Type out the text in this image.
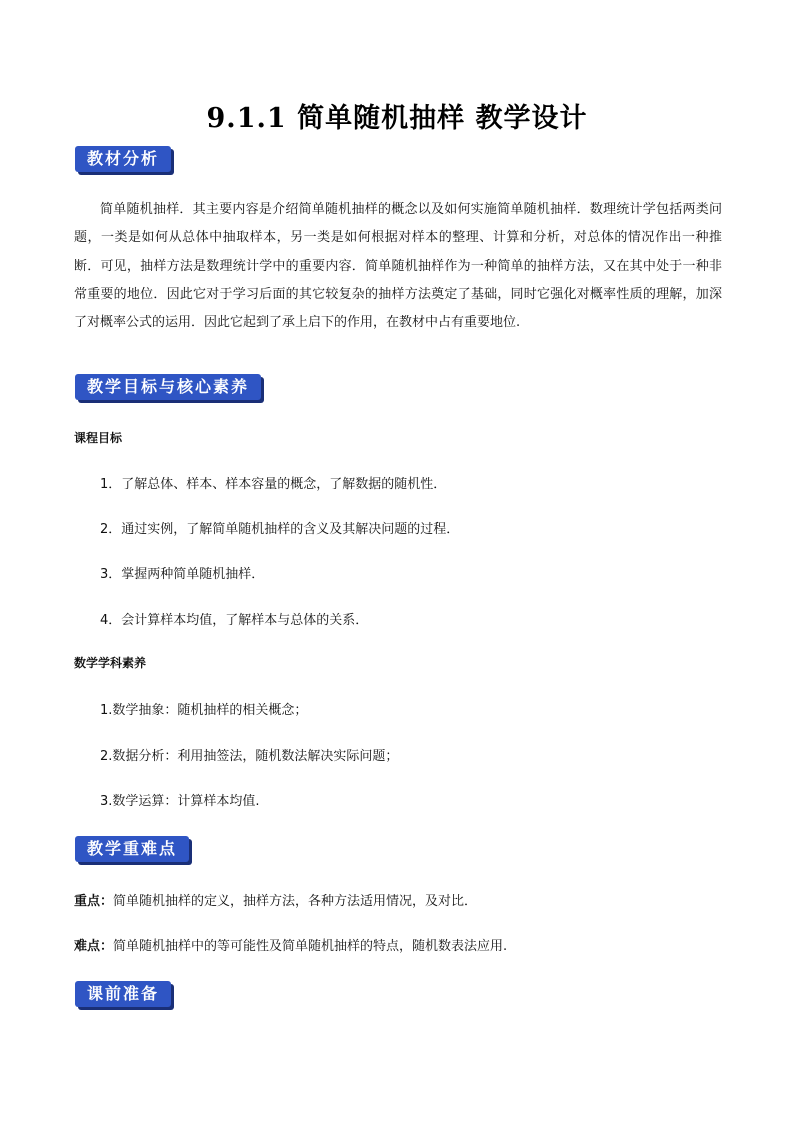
9.1.1 简单随机抽样 教学设计
教材分析
简单随机抽样．其主要内容是介绍简单随机抽样的概念以及如何实施简单随机抽样．数理统计学包括两类问题，一类是如何从总体中抽取样本，另一类是如何根据对样本的整理、计算和分析，对总体的情况作出一种推断．可见，抽样方法是数理统计学中的重要内容．简单随机抽样作为一种简单的抽样方法，又在其中处于一种非常重要的地位．因此它对于学习后面的其它较复杂的抽样方法奠定了基础，同时它强化对概率性质的理解，加深了对概率公式的运用．因此它起到了承上启下的作用，在教材中占有重要地位.
教学目标与核心素养
课程目标
1．了解总体、样本、样本容量的概念，了解数据的随机性．
2．通过实例，了解简单随机抽样的含义及其解决问题的过程．
3．掌握两种简单随机抽样．
4．会计算样本均值，了解样本与总体的关系．
数学学科素养
1.数学抽象：随机抽样的相关概念；
2.数据分析：利用抽签法，随机数法解决实际问题；
3.数学运算：计算样本均值.
教学重难点
重点：简单随机抽样的定义，抽样方法，各种方法适用情况，及对比．
难点：简单随机抽样中的等可能性及简单随机抽样的特点，随机数表法应用.
课前准备
